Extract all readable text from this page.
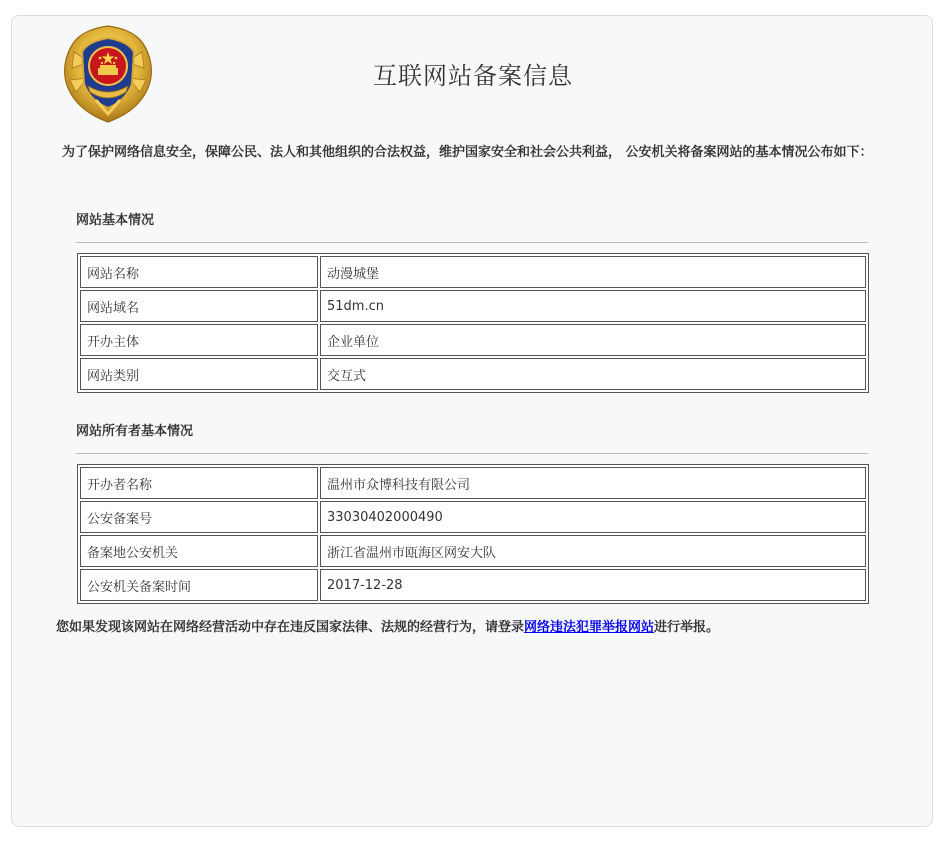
互联网站备案信息
为了保护网络信息安全，保障公民、法人和其他组织的合法权益，维护国家安全和社会公共利益， 公安机关将备案网站的基本情况公布如下：
网站基本情况
网站名称	动漫城堡
网站域名	51dm.cn
开办主体	企业单位
网站类别	交互式
网站所有者基本情况
开办者名称	温州市众博科技有限公司
公安备案号	33030402000490
备案地公安机关	浙江省温州市瓯海区网安大队
公安机关备案时间	2017-12-28
您如果发现该网站在网络经营活动中存在违反国家法律、法规的经营行为，请登录网络违法犯罪举报网站进行举报。
